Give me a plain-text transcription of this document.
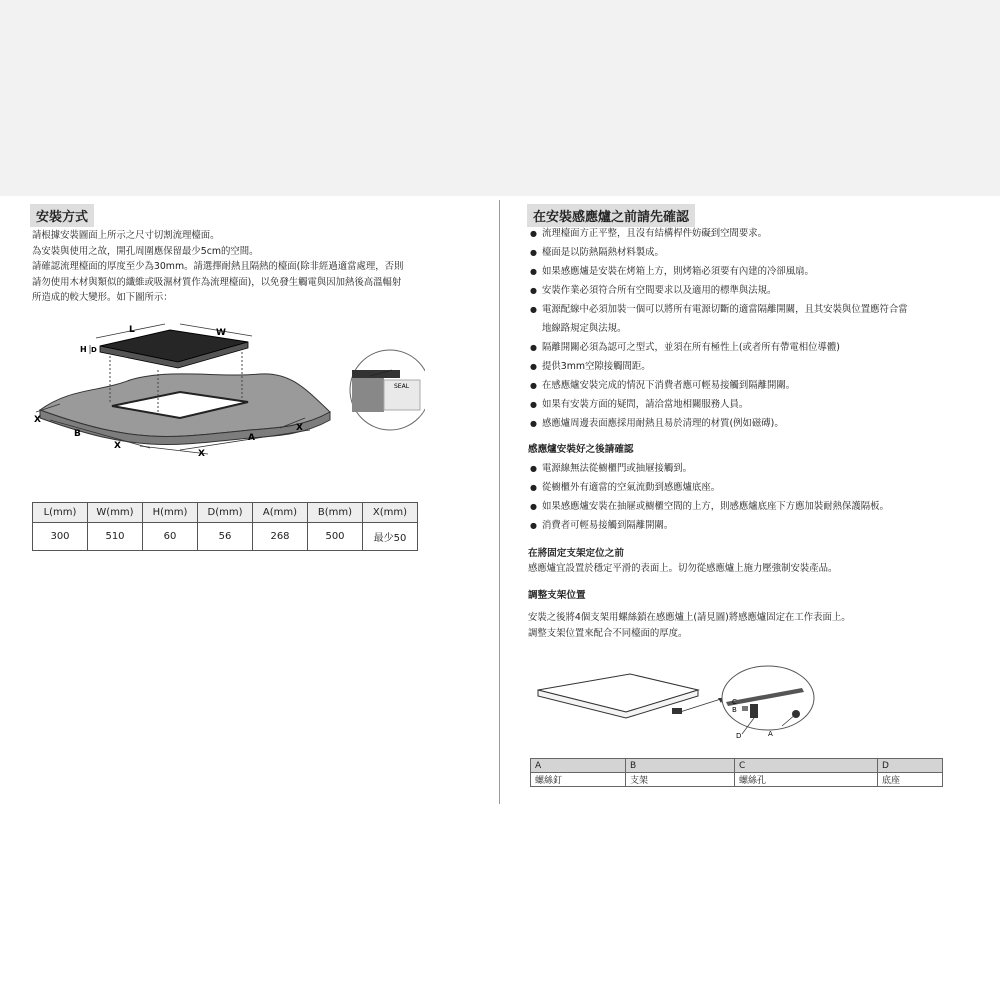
安裝方式
請根據安裝圖面上所示之尺寸切割流理檯面。
為安裝與使用之故，開孔周圍應保留最少5cm的空間。
請確認流理檯面的厚度至少為30mm。請選擇耐熱且隔熱的檯面(除非經過適當處理，否則
請勿使用木材與類似的纖維或吸濕材質作為流理檯面)，以免發生觸電與因加熱後高溫輻射
所造成的較大變形。如下圖所示：
L	W
H D
X
B
X
X
A
X
SEAL
L(mm)	W(mm)	H(mm)	D(mm)	A(mm)	B(mm)	X(mm)
300	510	60	56	268	500	最少50
在安裝感應爐之前請先確認
● 流理檯面方正平整，且沒有結構桿件妨礙到空間要求。
● 檯面是以防熱隔熱材料製成。
● 如果感應爐是安裝在烤箱上方，則烤箱必須要有內建的冷卻風扇。
● 安裝作業必須符合所有空間要求以及適用的標準與法規。
● 電源配線中必須加裝一個可以將所有電源切斷的適當隔離開關，且其安裝與位置應符合當
地線路規定與法規。
● 隔離開關必須為認可之型式，並須在所有極性上(或者所有帶電相位導體)
● 提供3mm空隙接觸間距。
● 在感應爐安裝完成的情況下消費者應可輕易接觸到隔離開關。
● 如果有安裝方面的疑問，請洽當地相關服務人員。
● 感應爐周邊表面應採用耐熱且易於清理的材質(例如磁磚)。
感應爐安裝好之後請確認
● 電源線無法從櫥櫃門或抽屜接觸到。
● 從櫥櫃外有適當的空氣流動到感應爐底座。
● 如果感應爐安裝在抽屜或櫥櫃空間的上方，則感應爐底座下方應加裝耐熱保護隔板。
● 消費者可輕易接觸到隔離開關。
在將固定支架定位之前
感應爐宜設置於穩定平滑的表面上。切勿從感應爐上施力壓強制安裝產品。
調整支架位置
安裝之後將4個支架用螺絲鎖在感應爐上(請見圖)將感應爐固定在工作表面上。
調整支架位置來配合不同檯面的厚度。
C
B
D	A
A	B	C	D
螺絲釘	支架	螺絲孔	底座
